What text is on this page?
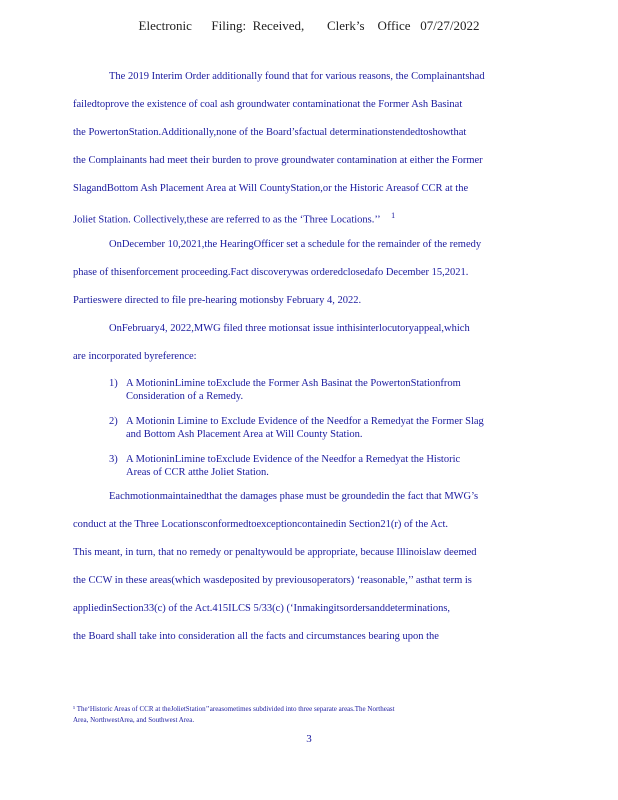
Electronic      Filing:  Received,       Clerk’s    Office   07/27/2022
The 2019 Interim Order additionally found that for various reasons, the Complainantshad
failedtoprove the existence of coal ash groundwater contaminationat the Former Ash Basinat
the PowertonStation.Additionally,none of the Board’sfactual determinationstendedtoshowthat
the Complainants had meet their burden to prove groundwater contamination at either the Former
SlagandBottom Ash Placement Area at Will CountyStation,or the Historic Areasof CCR at the
Joliet Station. Collectively,these are referred to as the ‘Three Locations.’’ $^1$
OnDecember 10,2021,the HearingOfficer set a schedule for the remainder of the remedy
phase of thisenforcement proceeding.Fact discoverywas orderedclosedafo December 15,2021.
Partieswere directed to file pre-hearing motionsby February 4, 2022.
OnFebruary4, 2022,MWG filed three motionsat issue inthisinterlocutoryappeal,which
are incorporated byreference:
1) A MotioninLimine toExclude the Former Ash Basinat the PowertonStationfrom
Consideration of a Remedy.
2) A Motionin Limine to Exclude Evidence of the Needfor a Remedyat the Former Slag
and Bottom Ash Placement Area at Will County Station.
3) A MotioninLimine toExclude Evidence of the Needfor a Remedyat the Historic
Areas of CCR atthe Joliet Station.
Eachmotionmaintainedthat the damages phase must be groundedin the fact that MWG’s
conduct at the Three Locationsconformedtoexceptioncontainedin Section21(r) of the Act.
This meant, in turn, that no remedy or penaltywould be appropriate, because Illinoislaw deemed
the CCW in these areas(which wasdeposited by previousoperators) ‘reasonable,’’ asthat term is
appliedinSection33(c) of the Act.415ILCS 5/33(c) (‘Inmakingitsordersanddeterminations,
the Board shall take into consideration all the facts and circumstances bearing upon the
¹ The‘Historic Areas of CCR at theJolietStation’’areasometimes subdivided into three separate areas.The Northeast
Area, NorthwestArea, and Southwest Area.
3
